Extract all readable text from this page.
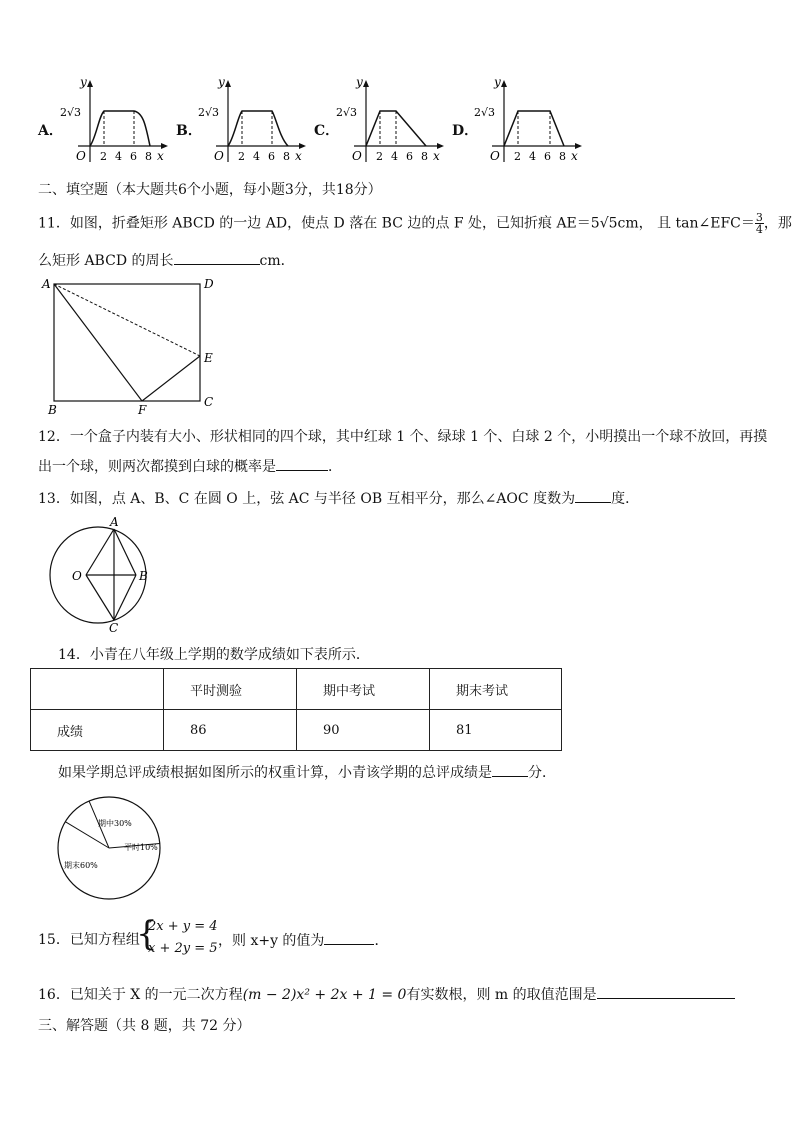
A．	B．	C．	D．
y
2√3
O 2 4 6 8 x
y
2√3
O 2 4 6 8 x
y
2√3
O 2 4 6 8 x
y
2√3
O 2 4 6 8 x
二、填空题（本大题共6个小题，每小题3分，共18分）
11．如图，折叠矩形 ABCD 的一边 AD，使点 D 落在 BC 边的点 F 处，已知折痕 AE＝5√5cm， 且 tan∠EFC＝ $\frac{3}{4}$ ，那
么矩形 ABCD 的周长	cm．
A	D
E
C
B	F
12．一个盒子内装有大小、形状相同的四个球，其中红球 1 个、绿球 1 个、白球 2 个，小明摸出一个球不放回，再摸
出一个球，则两次都摸到白球的概率是	．
13．如图，点 A、B、C 在圆 O 上，弦 AC 与半径 OB 互相平分，那么∠AOC 度数为	度．
A
O	B
C
14．小青在八年级上学期的数学成绩如下表所示．
	平时测验	期中考试	期末考试
成绩	86	90	81
如果学期总评成绩根据如图所示的权重计算，小青该学期的总评成绩是	分．
期中30%
平时10%
期末60%
15．已知方程组
{
2x + y = 4
x + 2y = 5 ，则 x+y 的值为	．
16．已知关于 X 的一元二次方程(m − 2)x² + 2x + 1 = 0有实数根，则 m 的取值范围是
三、解答题（共 8 题，共 72 分）
